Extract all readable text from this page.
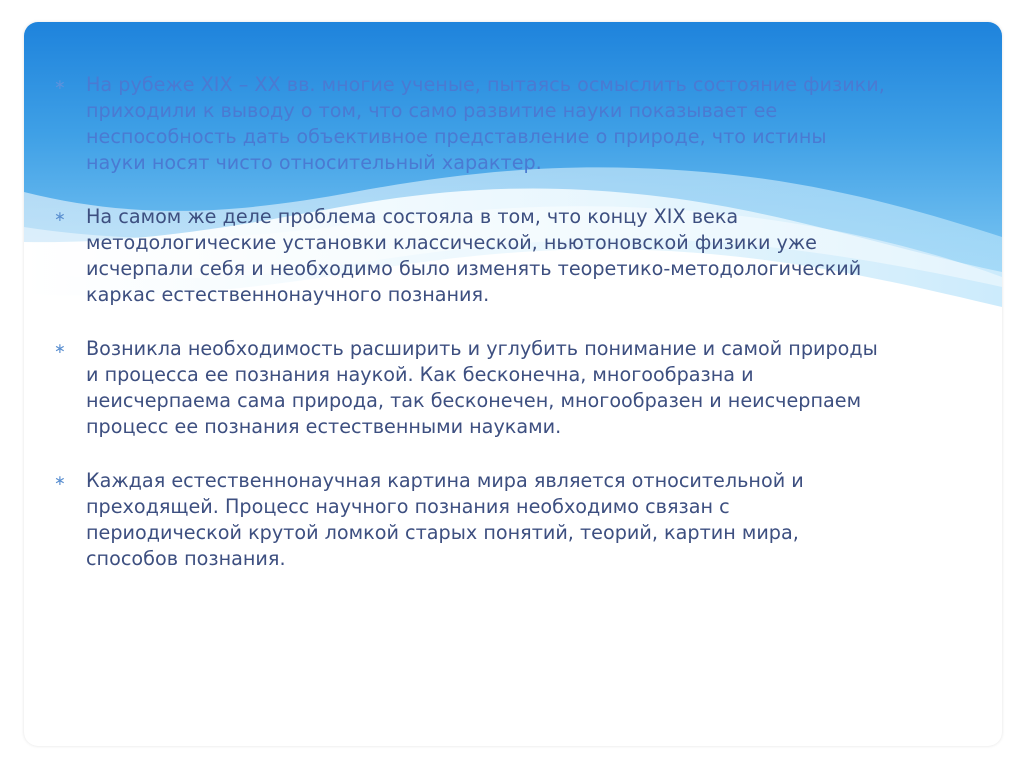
∗	На рубеже XIX – XX вв. многие ученые, пытаясь осмыслить состояние физики,
приходили к выводу о том, что само развитие науки показывает ее
неспособность дать объективное представление о природе, что истины
науки носят чисто относительный характер.
∗	На самом же деле проблема состояла в том, что концу XIX века
методологические установки классической, ньютоновской физики уже
исчерпали себя и необходимо было изменять теоретико-методологический
каркас естественнонаучного познания.
∗	Возникла необходимость расширить и углубить понимание и самой природы
и процесса ее познания наукой. Как бесконечна, многообразна и
неисчерпаема сама природа, так бесконечен, многообразен и неисчерпаем
процесс ее познания естественными науками.
∗	Каждая естественнонаучная картина мира является относительной и
преходящей. Процесс научного познания необходимо связан с
периодической крутой ломкой старых понятий, теорий, картин мира,
способов познания.
